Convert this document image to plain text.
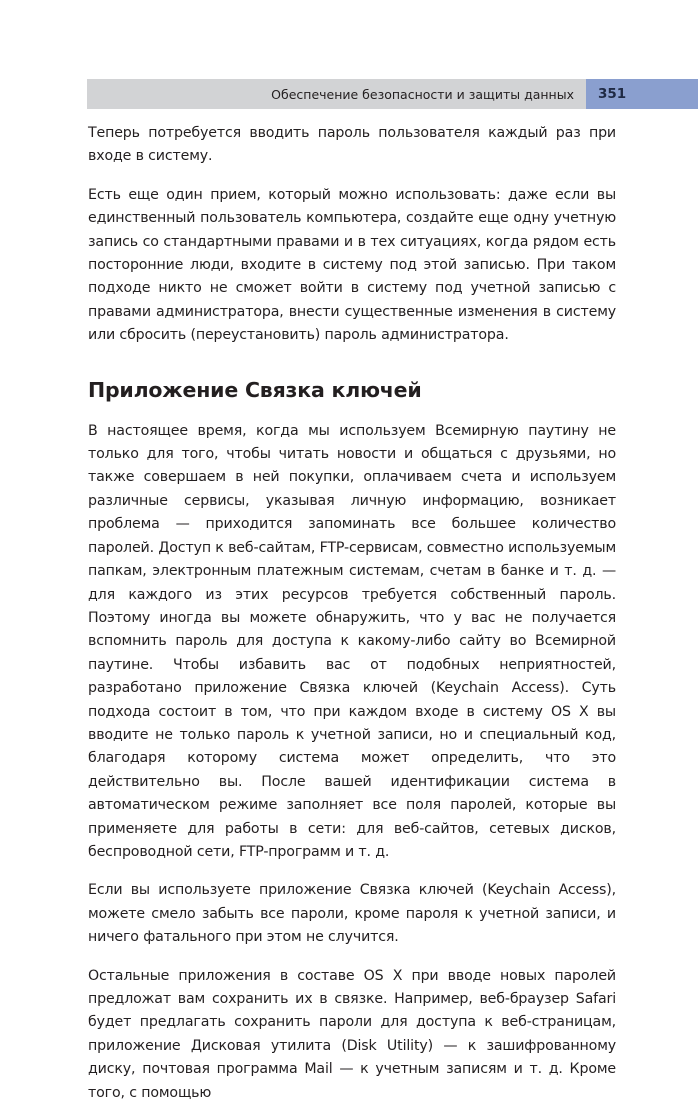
Обеспечение безопасности и защиты данных	351

Теперь потребуется вводить пароль пользователя каждый раз при входе в систему.

Есть еще один прием, который можно использовать: даже если вы единственный пользователь компьютера, создайте еще одну учетную запись со стандартными правами и в тех ситуациях, когда рядом есть посторонние люди, входите в систему под этой записью. При таком подходе никто не сможет войти в систему под учетной записью с правами администратора, внести существенные изменения в систему или сбросить (переустановить) пароль администратора.

Приложение Связка ключей

В настоящее время, когда мы используем Всемирную паутину не только для того, чтобы читать новости и общаться с друзьями, но также совершаем в ней покупки, оплачиваем счета и используем различные сервисы, указывая личную информацию, возникает проблема — приходится запоминать все большее количество паролей. Доступ к веб-сайтам, FTP-сервисам, совместно используемым папкам, электронным платежным системам, счетам в банке и т. д. — для каждого из этих ресурсов требуется собственный пароль. Поэтому иногда вы можете обнаружить, что у вас не получается вспомнить пароль для доступа к какому-либо сайту во Всемирной паутине. Чтобы избавить вас от подобных неприятностей, разработано приложение Связка ключей (Keychain Access). Суть подхода состоит в том, что при каждом входе в систему OS X вы вводите не только пароль к учетной записи, но и специальный код, благодаря которому система может определить, что это действительно вы. После вашей идентификации система в автоматическом режиме заполняет все поля паролей, которые вы применяете для работы в сети: для веб-сайтов, сетевых дисков, беспроводной сети, FTP-программ и т. д.

Если вы используете приложение Связка ключей (Keychain Access), можете смело забыть все пароли, кроме пароля к учетной записи, и ничего фатального при этом не случится.

Остальные приложения в составе OS X при вводе новых паролей предложат вам сохранить их в связке. Например, веб-браузер Safari будет предлагать сохранить пароли для доступа к веб-страницам, приложение Дисковая утилита (Disk Utility) — к зашифрованному диску, почтовая программа Mail — к учетным записям и т. д. Кроме того, с помощью
